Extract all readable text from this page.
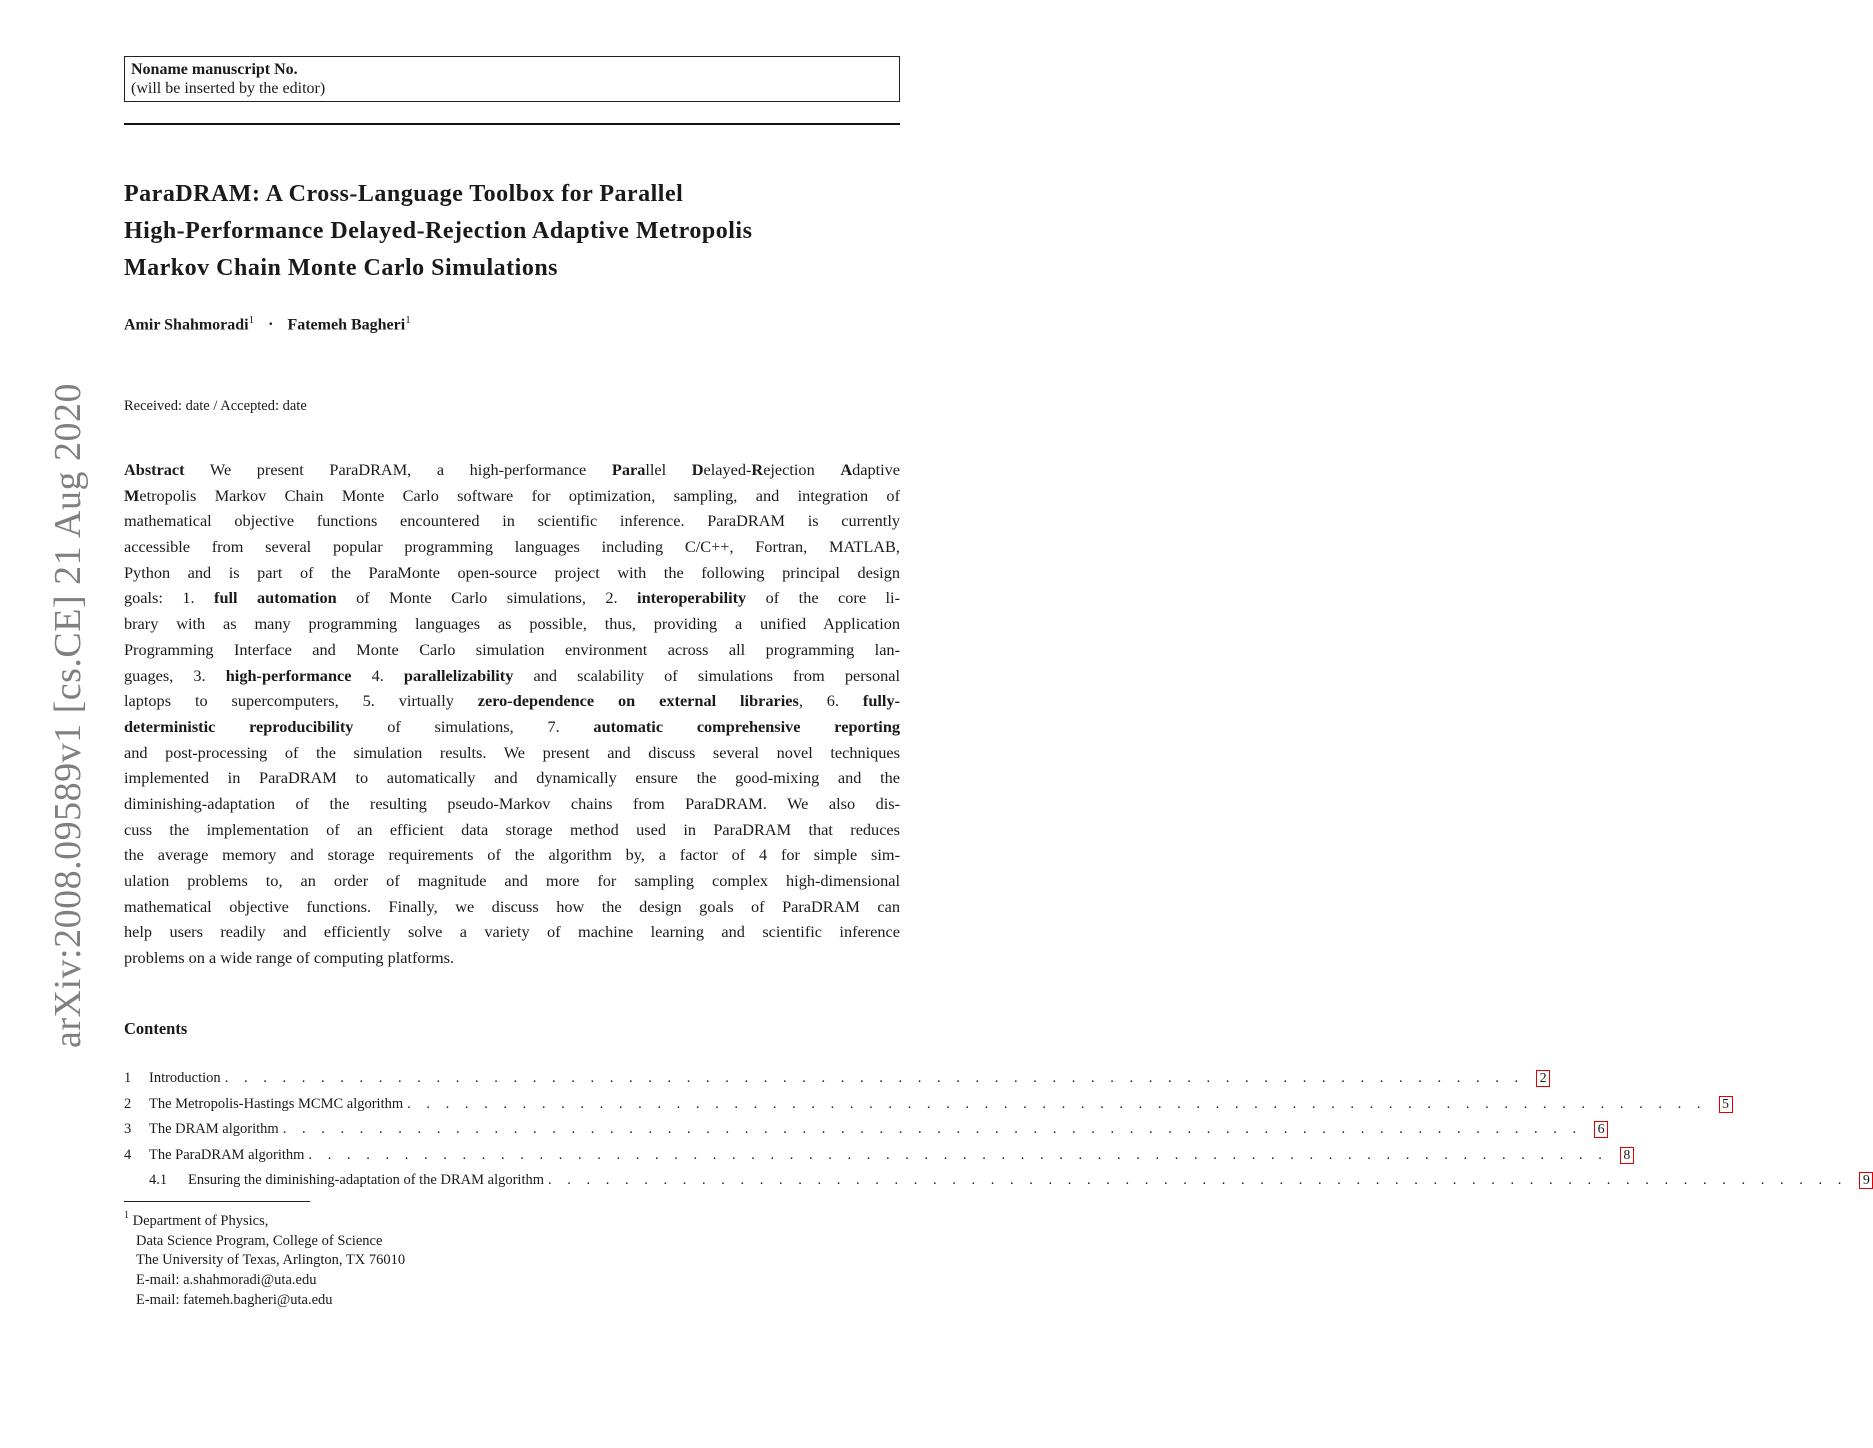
arXiv:2008.09589v1 [cs.CE] 21 Aug 2020
Noname manuscript No.
(will be inserted by the editor)
ParaDRAM: A Cross-Language Toolbox for Parallel
High-Performance Delayed-Rejection Adaptive Metropolis
Markov Chain Monte Carlo Simulations
Amir Shahmoradi$^1$ · Fatemeh Bagheri$^1$
Received: date / Accepted: date
Abstract We present ParaDRAM, a high-performance Parallel Delayed-Rejection Adaptive
Metropolis Markov Chain Monte Carlo software for optimization, sampling, and integration of
mathematical objective functions encountered in scientific inference. ParaDRAM is currently
accessible from several popular programming languages including C/C++, Fortran, MATLAB,
Python and is part of the ParaMonte open-source project with the following principal design
goals: 1. full automation of Monte Carlo simulations, 2. interoperability of the core li-
brary with as many programming languages as possible, thus, providing a unified Application
Programming Interface and Monte Carlo simulation environment across all programming lan-
guages, 3. high-performance 4. parallelizability and scalability of simulations from personal
laptops to supercomputers, 5. virtually zero-dependence on external libraries, 6. fully-
deterministic reproducibility of simulations, 7. automatic comprehensive reporting
and post-processing of the simulation results. We present and discuss several novel techniques
implemented in ParaDRAM to automatically and dynamically ensure the good-mixing and the
diminishing-adaptation of the resulting pseudo-Markov chains from ParaDRAM. We also dis-
cuss the implementation of an efficient data storage method used in ParaDRAM that reduces
the average memory and storage requirements of the algorithm by, a factor of 4 for simple sim-
ulation problems to, an order of magnitude and more for sampling complex high-dimensional
mathematical objective functions. Finally, we discuss how the design goals of ParaDRAM can
help users readily and efficiently solve a variety of machine learning and scientific inference
problems on a wide range of computing platforms.
Contents
1	Introduction . . . . . . . . . . . . . . . . . . . . . . . . . . . . . . . . . . . . . . . . . . . . . . . . . . . . . . . . . . . . . . . . . . . .	2
2	The Metropolis-Hastings MCMC algorithm . . . . . . . . . . . . . . . . . . . . . . . . . . . . . . . . . . . . . . . . . . . . . . . . . . . . . . . . . . . . . . . . . . . .	5
3	The DRAM algorithm . . . . . . . . . . . . . . . . . . . . . . . . . . . . . . . . . . . . . . . . . . . . . . . . . . . . . . . . . . . . . . . . . . . .	6
4	The ParaDRAM algorithm . . . . . . . . . . . . . . . . . . . . . . . . . . . . . . . . . . . . . . . . . . . . . . . . . . . . . . . . . . . . . . . . . . . .	8
4.1	Ensuring the diminishing-adaptation of the DRAM algorithm . . . . . . . . . . . . . . . . . . . . . . . . . . . . . . . . . . . . . . . . . . . . . . . . . . . . . . . . . . . . . . . . . . . .	9
$^1$ Department of Physics,
Data Science Program, College of Science
The University of Texas, Arlington, TX 76010
E-mail: a.shahmoradi@uta.edu
E-mail: fatemeh.bagheri@uta.edu
